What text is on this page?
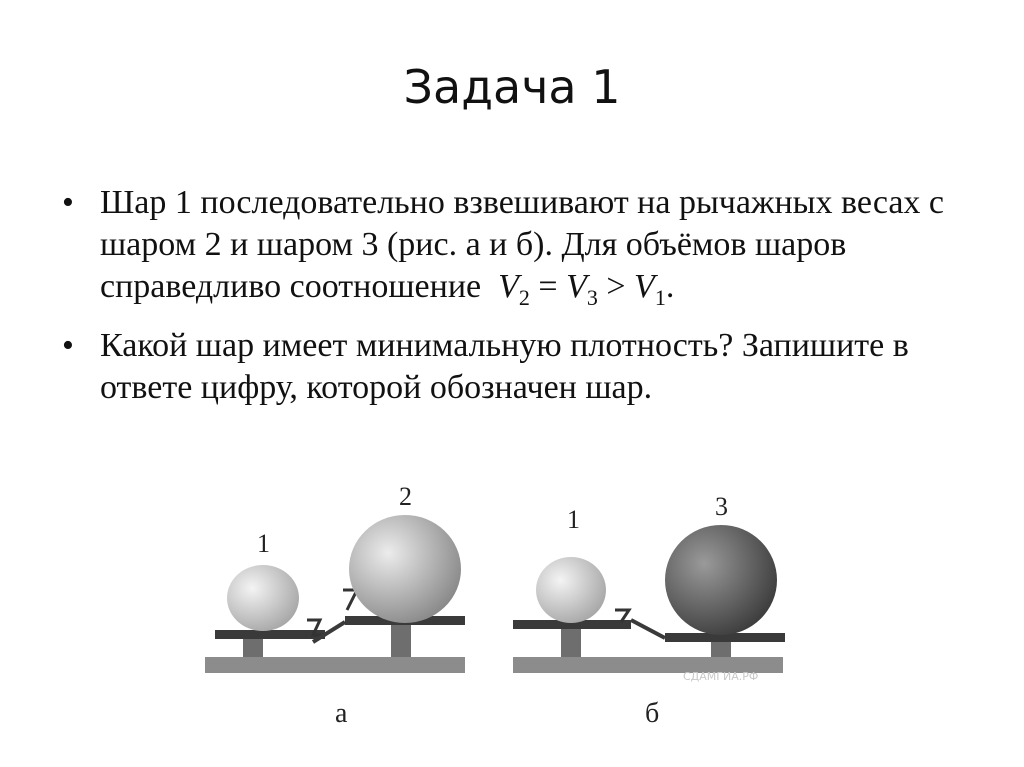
Задача 1
• Шар 1 последовательно взвешивают на рычажных весах с шаром 2 и шаром 3 (рис. а и б). Для объёмов шаров справедливо соотношение $V_2 = V_3 > V_1$.
• Какой шар имеет минимальную плотность? Запишите в ответе цифру, которой обозначен шар.
1
2
а
1	3
б
СДАМГИА.РФ
